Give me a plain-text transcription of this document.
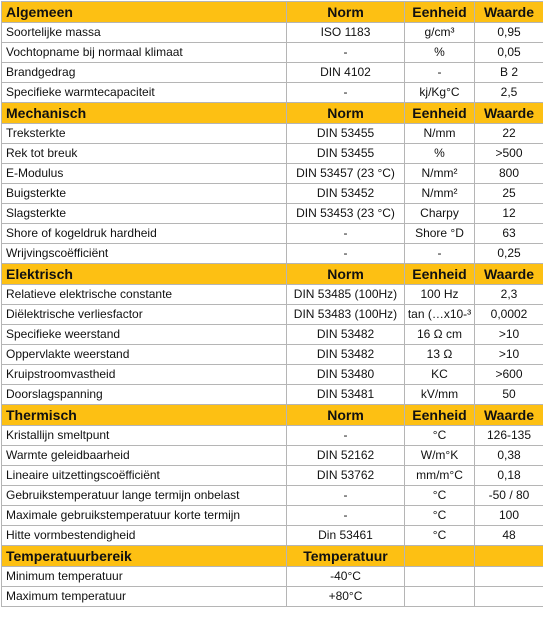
Algemeen	Norm	Eenheid	Waarde
Soortelijke massa	ISO 1183	g/cm³	0,95
Vochtopname bij normaal klimaat	-	%	0,05
Brandgedrag	DIN 4102	-	B 2
Specifieke warmtecapaciteit	-	kj/Kg°C	2,5
Mechanisch	Norm	Eenheid	Waarde
Treksterkte	DIN 53455	N/mm	22
Rek tot breuk	DIN 53455	%	>500
E-Modulus	DIN 53457 (23 °C)	N/mm²	800
Buigsterkte	DIN 53452	N/mm²	25
Slagsterkte	DIN 53453 (23 °C)	Charpy	12
Shore of kogeldruk hardheid	-	Shore °D	63
Wrijvingscoëfficiënt	-	-	0,25
Elektrisch	Norm	Eenheid	Waarde
Relatieve elektrische constante	DIN 53485 (100Hz)	100 Hz	2,3
Diëlektrische verliesfactor	DIN 53483 (100Hz)	tan (…x10-³	0,0002
Specifieke weerstand	DIN 53482	16 Ω cm	>10
Oppervlakte weerstand	DIN 53482	13 Ω	>10
Kruipstroomvastheid	DIN 53480	KC	>600
Doorslagspanning	DIN 53481	kV/mm	50
Thermisch	Norm	Eenheid	Waarde
Kristallijn smeltpunt	-	°C	126-135
Warmte geleidbaarheid	DIN 52162	W/m°K	0,38
Lineaire uitzettingscoëfficiënt	DIN 53762	mm/m°C	0,18
Gebruikstemperatuur lange termijn onbelast	-	°C	-50 / 80
Maximale gebruikstemperatuur korte termijn	-	°C	100
Hitte vormbestendigheid	Din 53461	°C	48
Temperatuurbereik	Temperatuur		
Minimum temperatuur	-40°C		
Maximum temperatuur	+80°C		
